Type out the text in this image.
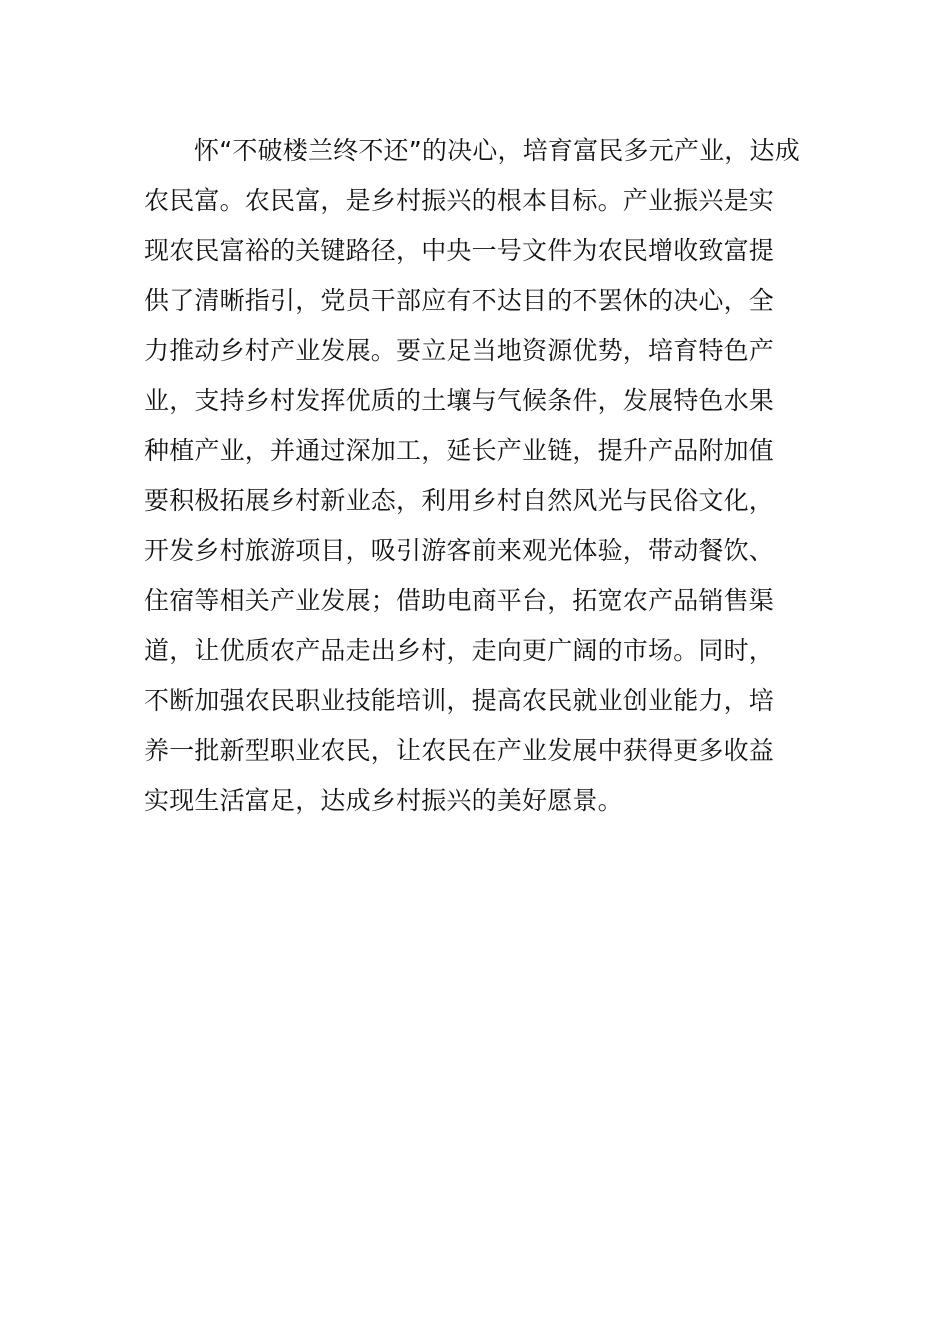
怀“不破楼兰终不还”的决心，培育富民多元产业，达成
农民富。农民富，是乡村振兴的根本目标。产业振兴是实
现农民富裕的关键路径，中央一号文件为农民增收致富提
供了清晰指引，党员干部应有不达目的不罢休的决心，全
力推动乡村产业发展。要立足当地资源优势，培育特色产
业，支持乡村发挥优质的土壤与气候条件，发展特色水果
种植产业，并通过深加工，延长产业链，提升产品附加值
要积极拓展乡村新业态，利用乡村自然风光与民俗文化，
开发乡村旅游项目，吸引游客前来观光体验，带动餐饮、
住宿等相关产业发展；借助电商平台，拓宽农产品销售渠
道，让优质农产品走出乡村，走向更广阔的市场。同时，
不断加强农民职业技能培训，提高农民就业创业能力，培
养一批新型职业农民，让农民在产业发展中获得更多收益
实现生活富足，达成乡村振兴的美好愿景。
